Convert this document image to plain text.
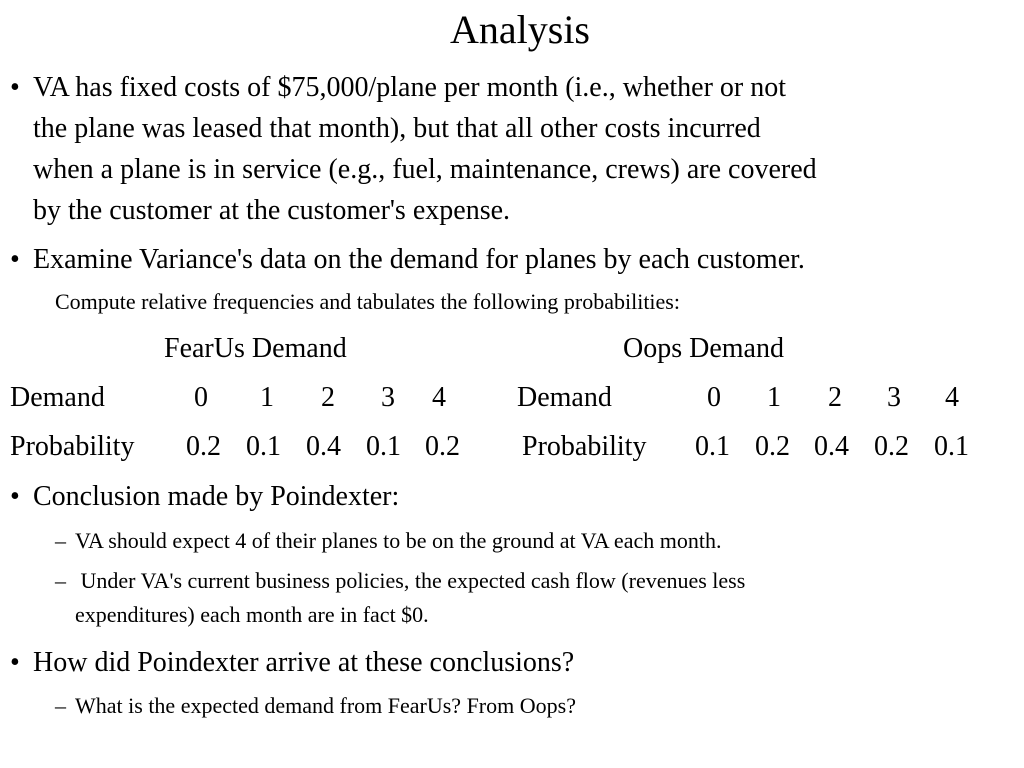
Analysis
• VA has fixed costs of $75,000/plane per month (i.e., whether or not
the plane was leased that month), but that all other costs incurred
when a plane is in service (e.g., fuel, maintenance, crews) are covered
by the customer at the customer's expense.
• Examine Variance's data on the demand for planes by each customer.
Compute relative frequencies and tabulates the following probabilities:
FearUs Demand	Oops Demand
Demand	0	1	2	3	4	Demand	0	1	2	3	4
Probability 0.2 0.1 0.4 0.1 0.2 Probability 0.1 0.2 0.4 0.2 0.1
• Conclusion made by Poindexter:
– VA should expect 4 of their planes to be on the ground at VA each month.
– Under VA's current business policies, the expected cash flow (revenues less
expenditures) each month are in fact $0.
• How did Poindexter arrive at these conclusions?
– What is the expected demand from FearUs? From Oops?
